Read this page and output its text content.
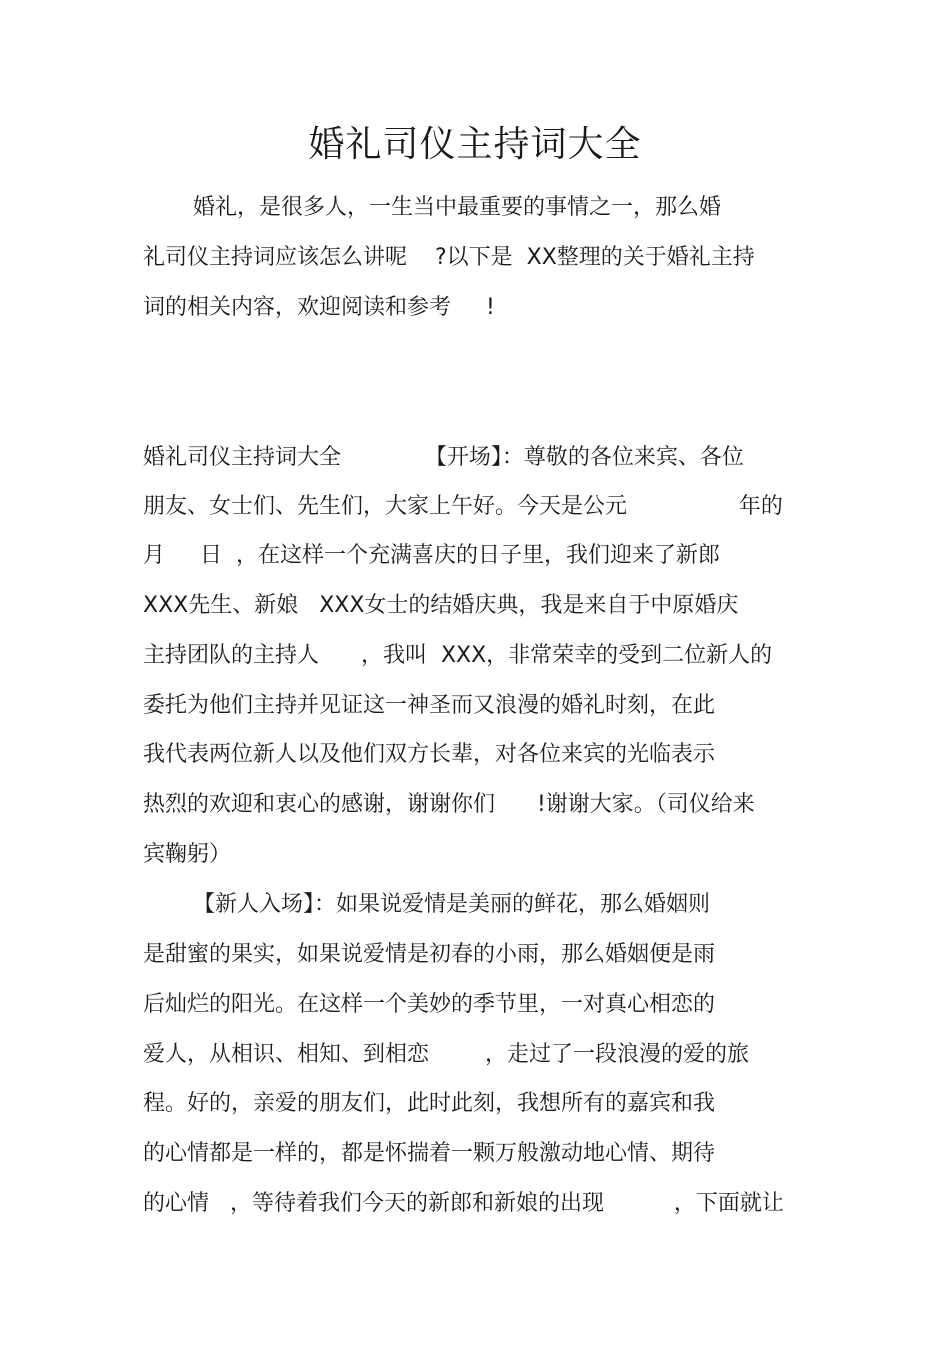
婚礼司仪主持词大全
婚礼，是很多人，一生当中最重要的事情之一，那么婚
礼司仪主持词应该怎么讲呢    ?以下是  XX整理的关于婚礼主持
词的相关内容，欢迎阅读和参考     !
婚礼司仪主持词大全            【开场】：尊敬的各位来宾、各位
朋友、女士们、先生们，大家上午好。今天是公元                年的
月     日  ，在这样一个充满喜庆的日子里，我们迎来了新郎
XXX先生、新娘   XXX女士的结婚庆典，我是来自于中原婚庆
主持团队的主持人      ，我叫  XXX，非常荣幸的受到二位新人的
委托为他们主持并见证这一神圣而又浪漫的婚礼时刻，在此
我代表两位新人以及他们双方长辈，对各位来宾的光临表示
热烈的欢迎和衷心的感谢，谢谢你们      !谢谢大家。（司仪给来
宾鞠躬）
【新人入场】：如果说爱情是美丽的鲜花，那么婚姻则
是甜蜜的果实，如果说爱情是初春的小雨，那么婚姻便是雨
后灿烂的阳光。在这样一个美妙的季节里，一对真心相恋的
爱人，从相识、相知、到相恋        ，走过了一段浪漫的爱的旅
程。好的，亲爱的朋友们，此时此刻，我想所有的嘉宾和我
的心情都是一样的，都是怀揣着一颗万般激动地心情、期待
的心情   ，等待着我们今天的新郎和新娘的出现          ，下面就让
